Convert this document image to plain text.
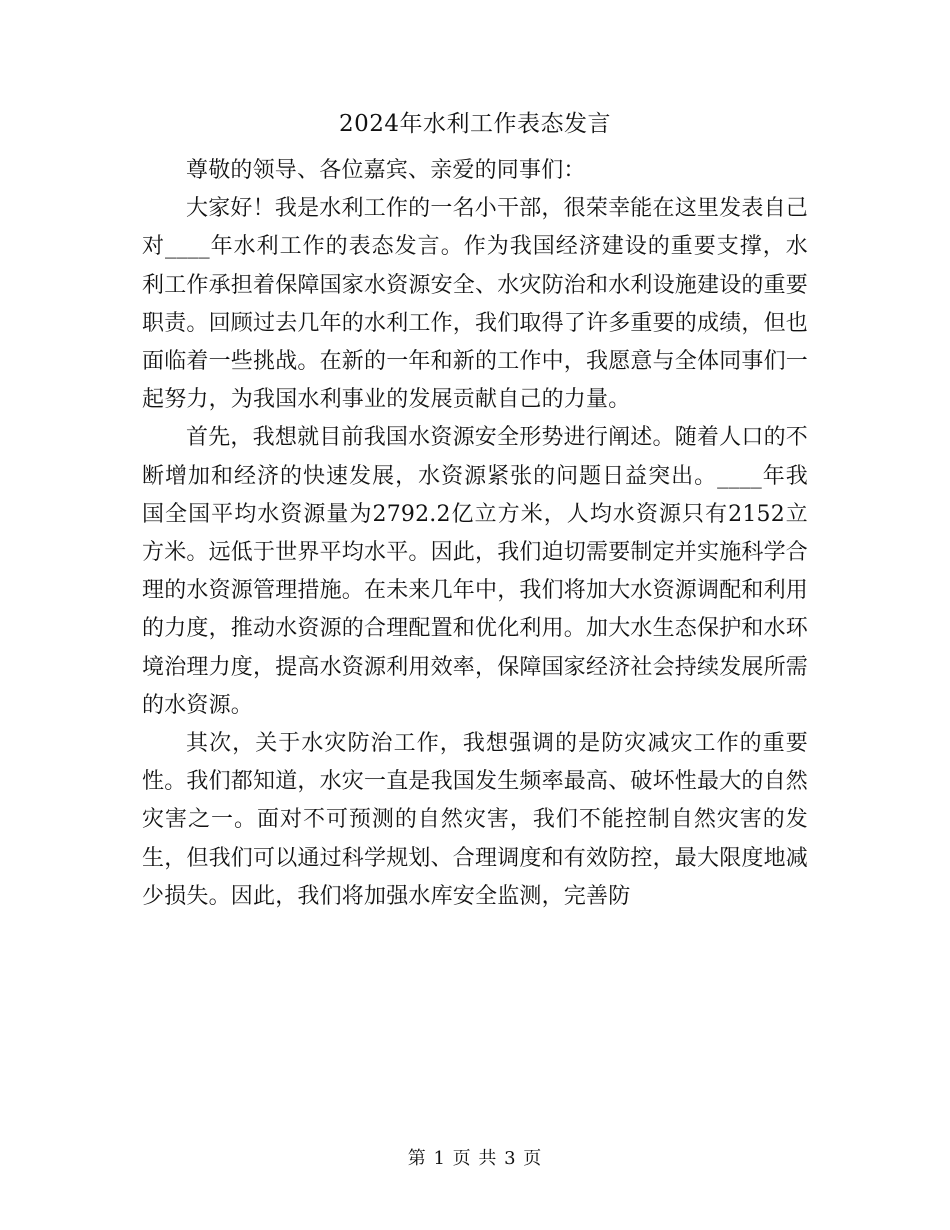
2024年水利工作表态发言

尊敬的领导、各位嘉宾、亲爱的同事们：

大家好！我是水利工作的一名小干部，很荣幸能在这里发表自己对____年水利工作的表态发言。作为我国经济建设的重要支撑，水利工作承担着保障国家水资源安全、水灾防治和水利设施建设的重要职责。回顾过去几年的水利工作，我们取得了许多重要的成绩，但也面临着一些挑战。在新的一年和新的工作中，我愿意与全体同事们一起努力，为我国水利事业的发展贡献自己的力量。

首先，我想就目前我国水资源安全形势进行阐述。随着人口的不断增加和经济的快速发展，水资源紧张的问题日益突出。____年我国全国平均水资源量为2792.2亿立方米，人均水资源只有2152立方米。远低于世界平均水平。因此，我们迫切需要制定并实施科学合理的水资源管理措施。在未来几年中，我们将加大水资源调配和利用的力度，推动水资源的合理配置和优化利用。加大水生态保护和水环境治理力度，提高水资源利用效率，保障国家经济社会持续发展所需的水资源。

其次，关于水灾防治工作，我想强调的是防灾减灾工作的重要性。我们都知道，水灾一直是我国发生频率最高、破坏性最大的自然灾害之一。面对不可预测的自然灾害，我们不能控制自然灾害的发生，但我们可以通过科学规划、合理调度和有效防控，最大限度地减少损失。因此，我们将加强水库安全监测，完善防

第 1 页 共 3 页
